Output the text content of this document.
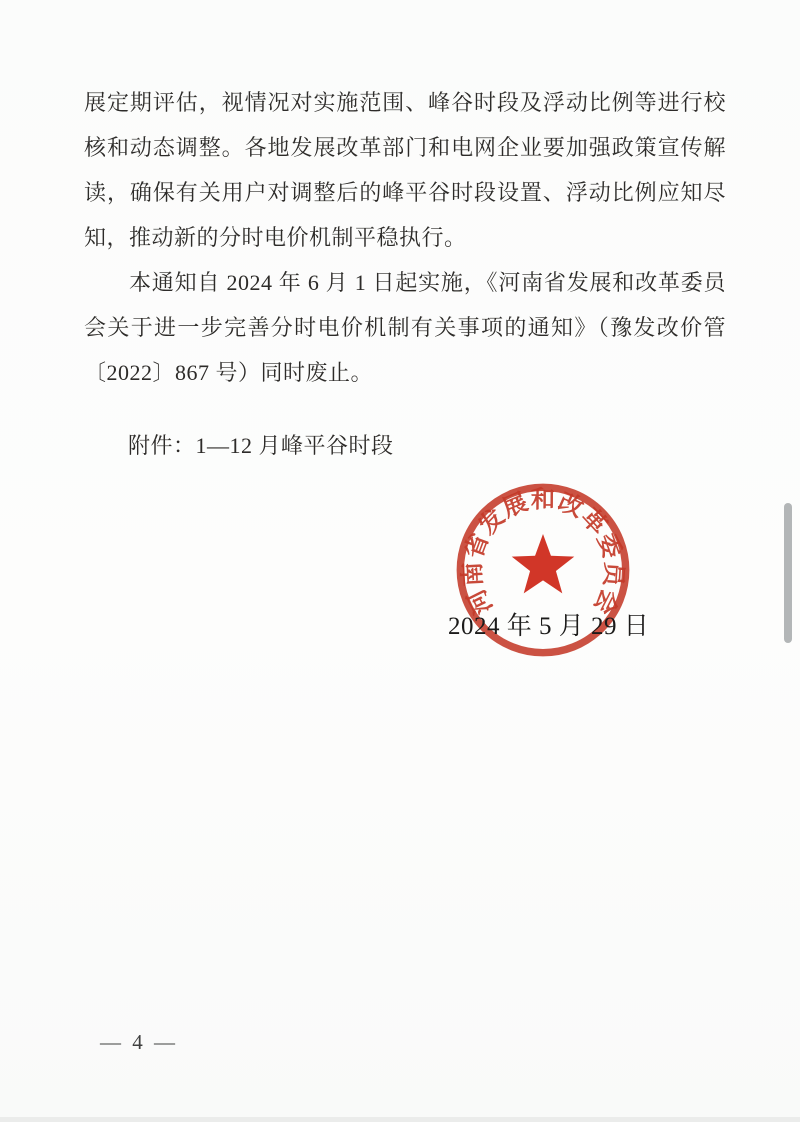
展定期评估，视情况对实施范围、峰谷时段及浮动比例等进行校

核和动态调整。各地发展改革部门和电网企业要加强政策宣传解

读，确保有关用户对调整后的峰平谷时段设置、浮动比例应知尽

知，推动新的分时电价机制平稳执行。

本通知自 2024 年 6 月 1 日起实施，《河南省发展和改革委员

会关于进一步完善分时电价机制有关事项的通知》（豫发改价管

〔2022〕867 号）同时废止。

附件：1—12 月峰平谷时段

河南省发展和改革委员会
2024 年 5 月 29 日
— 4 —
